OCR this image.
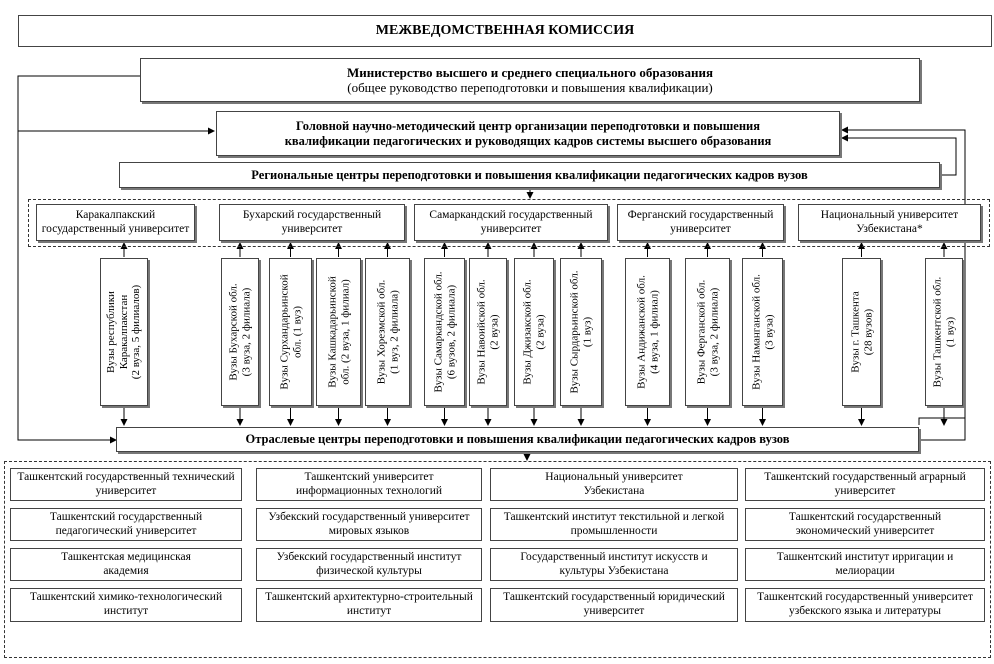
МЕЖВЕДОМСТВЕННАЯ КОМИССИЯ
Министерство высшего и среднего специального образования
(общее руководство переподготовки и повышения квалификации)
Головной научно-методический центр организации переподготовки и повышения
квалификации педагогических и руководящих кадров системы высшего образования
Региональные центры переподготовки и повышения квалификации педагогических кадров вузов
Каракалпакский
государственный университет
Бухарский государственный
университет
Самаркандский государственный
университет
Ферганский государственный
университет
Национальный университет
Узбекистана*
Вузы республики
Каракалпакстан
(2 вуза, 5 филиалов)
Вузы Бухарской обл.
(3 вуза, 2 филиала)
Вузы Сурхандарьинской
обл. (1 вуз)
Вузы Кашкадарьинской
обл. (2 вуза, 1 филиал)
Вузы Хорезмской обл.
(1 вуз, 2 филиала)
Вузы Самаркандской обл.
(6 вузов, 2 филиала)
Вузы Навоийской обл.
(2 вуза)
Вузы Джизакской обл.
(2 вуза)
Вузы Сырдарьинской обл.
(1 вуз)
Вузы Андижанской обл.
(4 вуза, 1 филиал)
Вузы Ферганской обл.
(3 вуза, 2 филиала)
Вузы Наманганской обл.
(3 вуза)
Вузы г. Ташкента
(28 вузов)
Вузы Ташкентской обл.
(1 вуз)
Отраслевые центры переподготовки и повышения квалификации педагогических кадров вузов
Ташкентский государственный технический
университет
Ташкентский университет
информационных технологий
Национальный университет
Узбекистана
Ташкентский государственный аграрный
университет
Ташкентский государственный
педагогический университет
Узбекский государственный университет
мировых языков
Ташкентский институт текстильной и легкой
промышленности
Ташкентский государственный
экономический университет
Ташкентская медицинская
академия
Узбекский государственный институт
физической культуры
Государственный институт искусств и
культуры Узбекистана
Ташкентский институт ирригации и
мелиорации
Ташкентский химико-технологический
институт
Ташкентский архитектурно-строительный
институт
Ташкентский государственный юридический
университет
Ташкентский государственный университет
узбекского языка и литературы
